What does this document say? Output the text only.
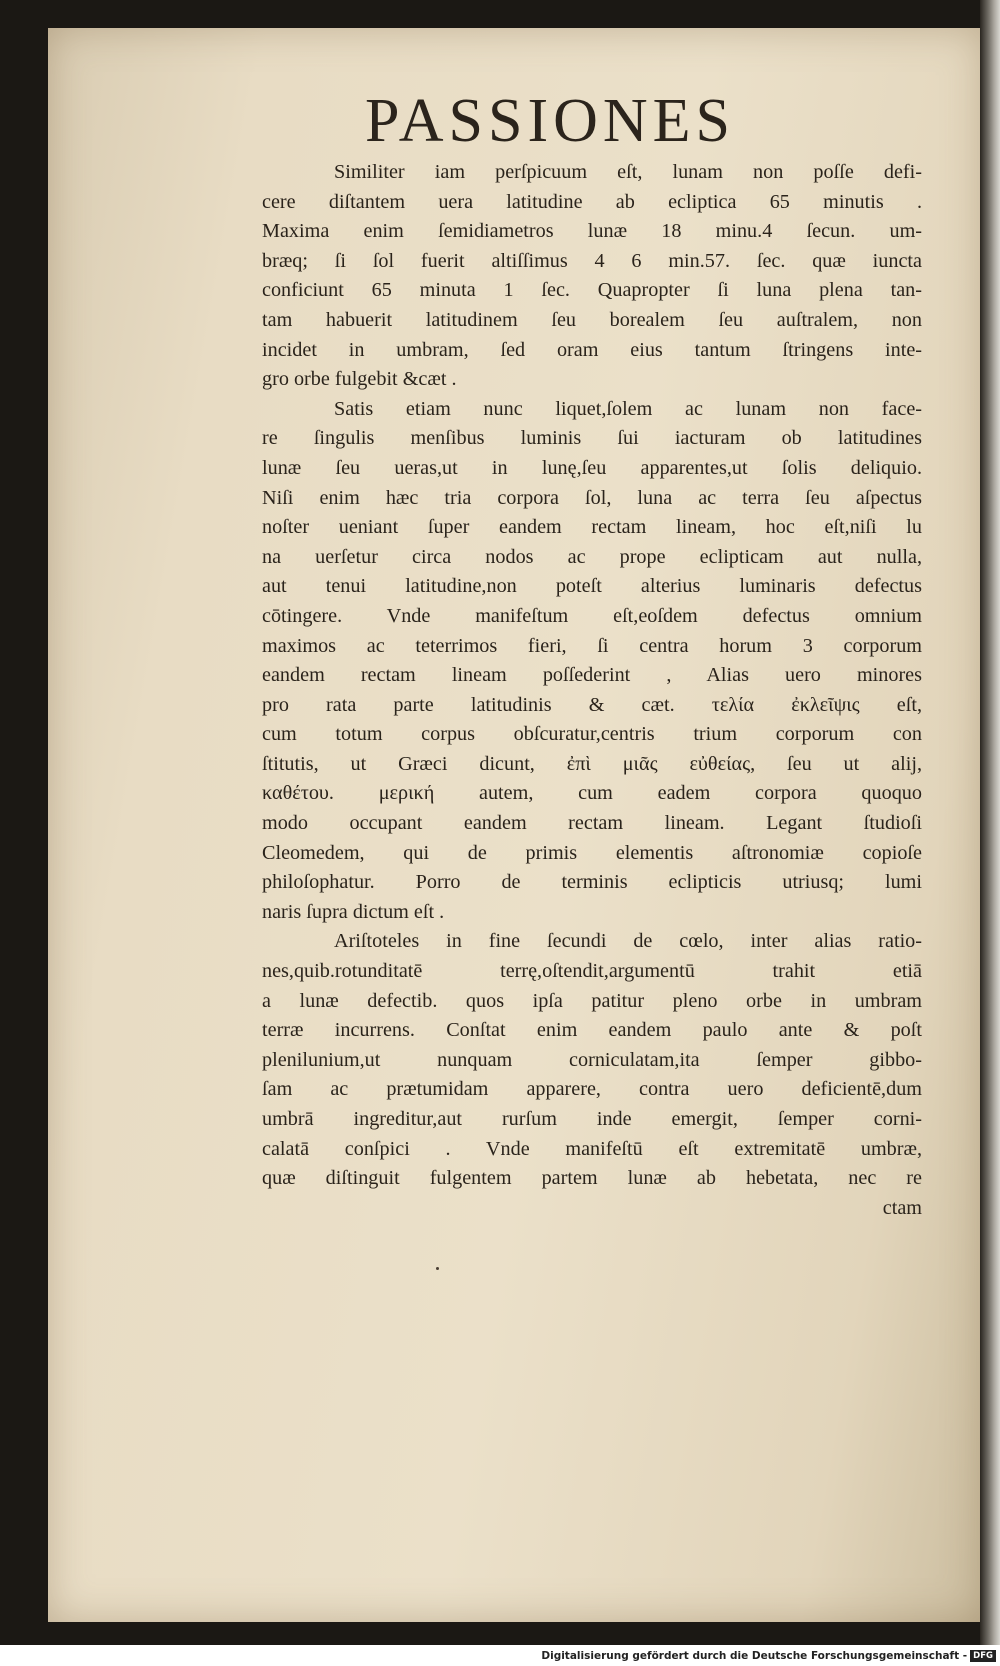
PASSIONES
Similiter iam perſpicuum eſt, lunam non poſſe defi-
cere diſtantem uera latitudine ab ecliptica 65 minutis .
Maxima enim ſemidiametros lunæ 18 minu.4 ſecun. um-
bræq; ſi ſol fuerit altiſſimus 4 6 min.57. ſec. quæ iuncta
conficiunt 65 minuta 1 ſec. Quapropter ſi luna plena tan-
tam habuerit latitudinem ſeu borealem ſeu auſtralem, non
incidet in umbram, ſed oram eius tantum ſtringens inte-
gro orbe fulgebit &cæt .
Satis etiam nunc liquet,ſolem ac lunam non face-
re ſingulis menſibus luminis ſui iacturam ob latitudines
lunæ ſeu ueras,ut in lunę,ſeu apparentes,ut ſolis deliquio.
Niſi enim hæc tria corpora ſol, luna ac terra ſeu aſpectus
noſter ueniant ſuper eandem rectam lineam, hoc eſt,niſi lu
na uerſetur circa nodos ac prope eclipticam aut nulla,
aut tenui latitudine,non poteſt alterius luminaris defectus
cōtingere. Vnde manifeſtum eſt,eoſdem defectus omnium
maximos ac teterrimos fieri, ſi centra horum 3 corporum
eandem rectam lineam poſſederint , Alias uero minores
pro rata parte latitudinis & cæt. τελία ἐκλεῖψις eſt,
cum totum corpus obſcuratur,centris trium corporum con
ſtitutis, ut Græci dicunt, ἐπὶ μιᾶς εὐθείας, ſeu ut alij,
καθέτου. μερική autem, cum eadem corpora quoquo
modo occupant eandem rectam lineam. Legant ſtudioſi
Cleomedem, qui de primis elementis aſtronomiæ copioſe
philoſophatur. Porro de terminis eclipticis utriusq; lumi
naris ſupra dictum eſt .
Ariſtoteles in fine ſecundi de cœlo, inter alias ratio-
nes,quib.rotunditatē terrę,oſtendit,argumentū trahit etiā
a lunæ defectib. quos ipſa patitur pleno orbe in umbram
terræ incurrens. Conſtat enim eandem paulo ante & poſt
plenilunium,ut nunquam corniculatam,ita ſemper gibbo-
ſam ac prætumidam apparere, contra uero deficientē,dum
umbrā ingreditur,aut rurſum inde emergit, ſemper corni-
calatā conſpici . Vnde manifeſtū eſt extremitatē umbræ,
quæ diſtinguit fulgentem partem lunæ ab hebetata, nec re
ctam
Digitalisierung gefördert durch die Deutsche Forschungsgemeinschaft - DFG
